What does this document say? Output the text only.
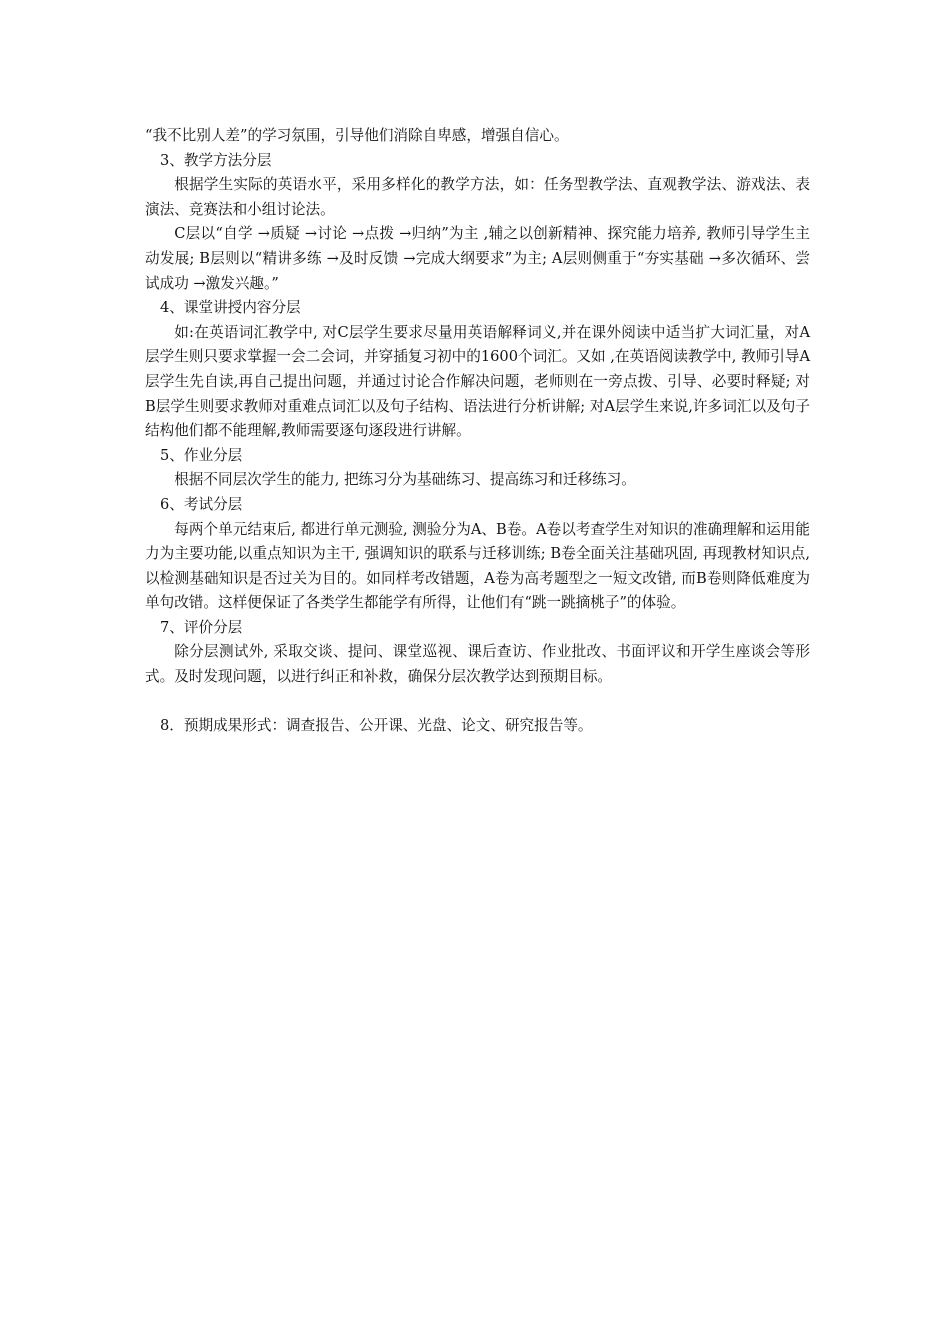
“我不比别人差”的学习氛围，引导他们消除自卑感，增强自信心。

3、教学方法分层

根据学生实际的英语水平，采用多样化的教学方法，如：任务型教学法、直观教学法、游戏法、表演法、竞赛法和小组讨论法。

C层以“自学 →质疑 →讨论 →点拨 →归纳”为主 ,辅之以创新精神、探究能力培养, 教师引导学生主动发展; B层则以“精讲多练 →及时反馈 →完成大纲要求”为主; A层则侧重于“夯实基础 →多次循环、尝试成功 →激发兴趣。”

4、课堂讲授内容分层

如:在英语词汇教学中, 对C层学生要求尽量用英语解释词义,并在课外阅读中适当扩大词汇量，对A层学生则只要求掌握一会二会词，并穿插复习初中的1600个词汇。又如 ,在英语阅读教学中, 教师引导A层学生先自读,再自己提出问题，并通过讨论合作解决问题，老师则在一旁点拨、引导、必要时释疑; 对B层学生则要求教师对重难点词汇以及句子结构、语法进行分析讲解; 对A层学生来说,许多词汇以及句子结构他们都不能理解,教师需要逐句逐段进行讲解。

5、作业分层

根据不同层次学生的能力, 把练习分为基础练习、提高练习和迁移练习。

6、考试分层

每两个单元结束后, 都进行单元测验, 测验分为A、B卷。A卷以考查学生对知识的准确理解和运用能力为主要功能,以重点知识为主干, 强调知识的联系与迁移训练; B卷全面关注基础巩固, 再现教材知识点, 以检测基础知识是否过关为目的。如同样考改错题，A卷为高考题型之一短文改错, 而B卷则降低难度为单句改错。这样便保证了各类学生都能学有所得，让他们有“跳一跳摘桃子”的体验。

7、评价分层

除分层测试外, 采取交谈、提问、课堂巡视、课后查访、作业批改、书面评议和开学生座谈会等形式。及时发现问题，以进行纠正和补救，确保分层次教学达到预期目标。

8．预期成果形式：调查报告、公开课、光盘、论文、研究报告等。
